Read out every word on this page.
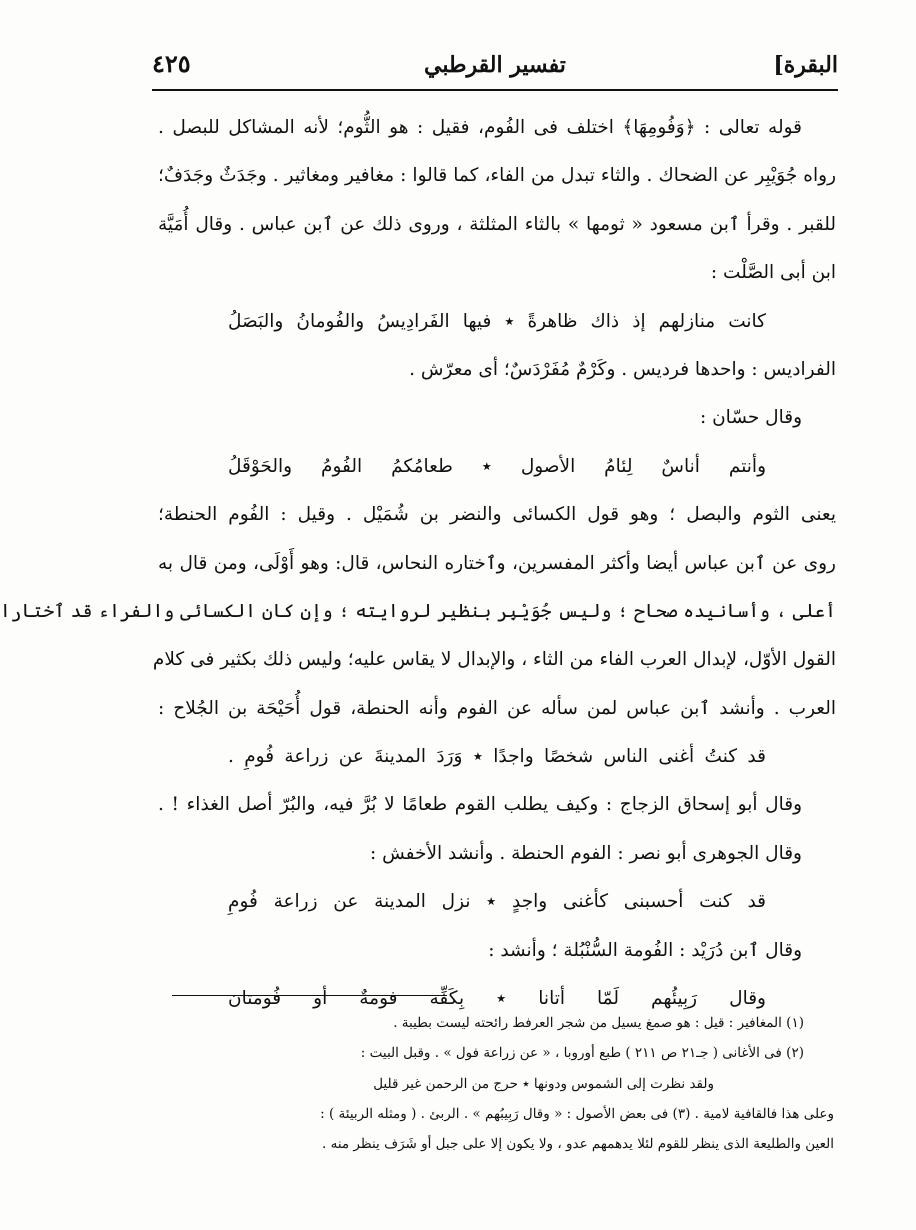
٤٢٥	تفسير القرطبي	[البقرة
قوله تعالى : ﴿وَفُومِهَا﴾ اختلف فى الفُوم، فقيل : هو الثُّوم؛ لأنه المشاكل للبصل .
رواه جُوَيْبِر عن الضحاك . والثاء تبدل من الفاء، كما قالوا : مغافير ومغاثير . وجَدَثٌ وجَدَفٌ؛
للقبر . وقرأ ٱبن مسعود « ثومها » بالثاء المثلثة ، وروى ذلك عن ٱبن عباس . وقال أُمَيَّة
ابن أبى الصَّلْت :
كانت منازلهم إذ ذاك ظاهرةً ٭ فيها الفَرادِيسُ والفُومانُ والبَصَلُ
الفراديس : واحدها فرديس . وكَرْمٌ مُفَرْدَسٌ؛ أى معرّش .
وقال حسّان :
وأنتم أناسٌ لِئامُ الأصول ٭ طعامُكمُ الفُومُ والحَوْقَلُ
يعنى الثوم والبصل ؛ وهو قول الكسائى والنضر بن شُمَيْل . وقيل : الفُوم الحنطة؛
روى عن ٱبن عباس أيضا وأكثر المفسرين، وٱختاره النحاس، قال: وهو أَوْلَى، ومن قال به
أعلى ، وأسانيده صحاح ؛ وليس جُوَيْبِر بنظير لروايته ؛ وإن كان الكسائى والفراء قد ٱختارا
القول الأوّل، لإبدال العرب الفاء من الثاء ، والإبدال لا يقاس عليه؛ وليس ذلك بكثير فى كلام
العرب . وأنشد ٱبن عباس لمن سأله عن الفوم وأنه الحنطة، قول أُحَيْحَة بن الجُلاح :
قد كنتُ أغنى الناس شخصًا واجدًا ٭ وَرَدَ المدينةَ عن زراعة فُومِ .
وقال أبو إسحاق الزجاج : وكيف يطلب القوم طعامًا لا بُرَّ فيه، والبُرّ أصل الغذاء ! .
وقال الجوهرى أبو نصر : الفوم الحنطة . وأنشد الأخفش :
قد كنت أحسبنى كأغنى واجدٍ ٭ نزل المدينة عن زراعة فُومِ
وقال ٱبن دُرَيْد : الفُومة السُّنْبُلة ؛ وأنشد :
وقال رَبِيئُهم لَمّا أتانا ٭ بِكَفِّه فومةٌ أو فُومتان
(١) المغافير : قيل : هو صمغ يسيل من شجر العرفط رائحته ليست بطيبة .
(٢) فى الأغانى ( جـ٢١ ص ٢١١ ) طبع أوروبا ، « عن زراعة فول » . وقبل البيت :
ولقد نظرت إلى الشموس ودونها ٭ حرج من الرحمن غير قليل
وعلى هذا فالقافية لامية . (٣) فى بعض الأصول : « وقال رَبِيبُهم » . الربئ . ( ومثله الربيئة ) :
العين والطليعة الذى ينظر للقوم لئلا يدهمهم عدو ، ولا يكون إلا على جبل أو شَرَف ينظر منه .
